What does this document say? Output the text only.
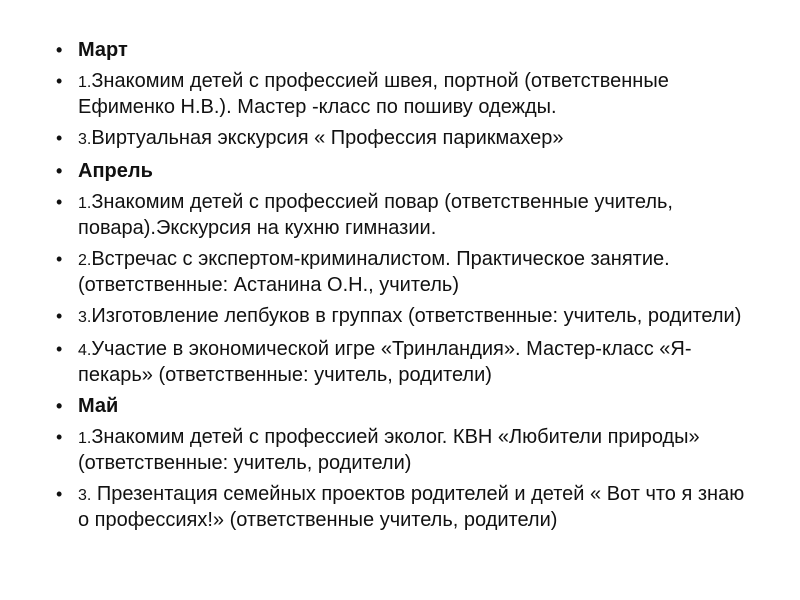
• Март
• 1.Знакомим детей с профессией швея, портной (ответственные Ефименко Н.В.). Мастер -класс по пошиву одежды.
• 3.Виртуальная экскурсия « Профессия парикмахер»
• Апрель
• 1.Знакомим детей с профессией повар (ответственные учитель, повара).Экскурсия на кухню гимназии.
• 2.Встречас с экспертом-криминалистом. Практическое занятие.(ответственные: Астанина О.Н., учитель)
• 3.Изготовление лепбуков в группах (ответственные: учитель, родители)
• 4.Участие в экономической игре «Тринландия». Мастер-класс «Я-пекарь» (ответственные: учитель, родители)
• Май
• 1.Знакомим детей с профессией эколог. КВН «Любители природы» (ответственные: учитель, родители)
• 3. Презентация семейных проектов родителей и детей « Вот что я знаю о профессиях!» (ответственные учитель, родители)
